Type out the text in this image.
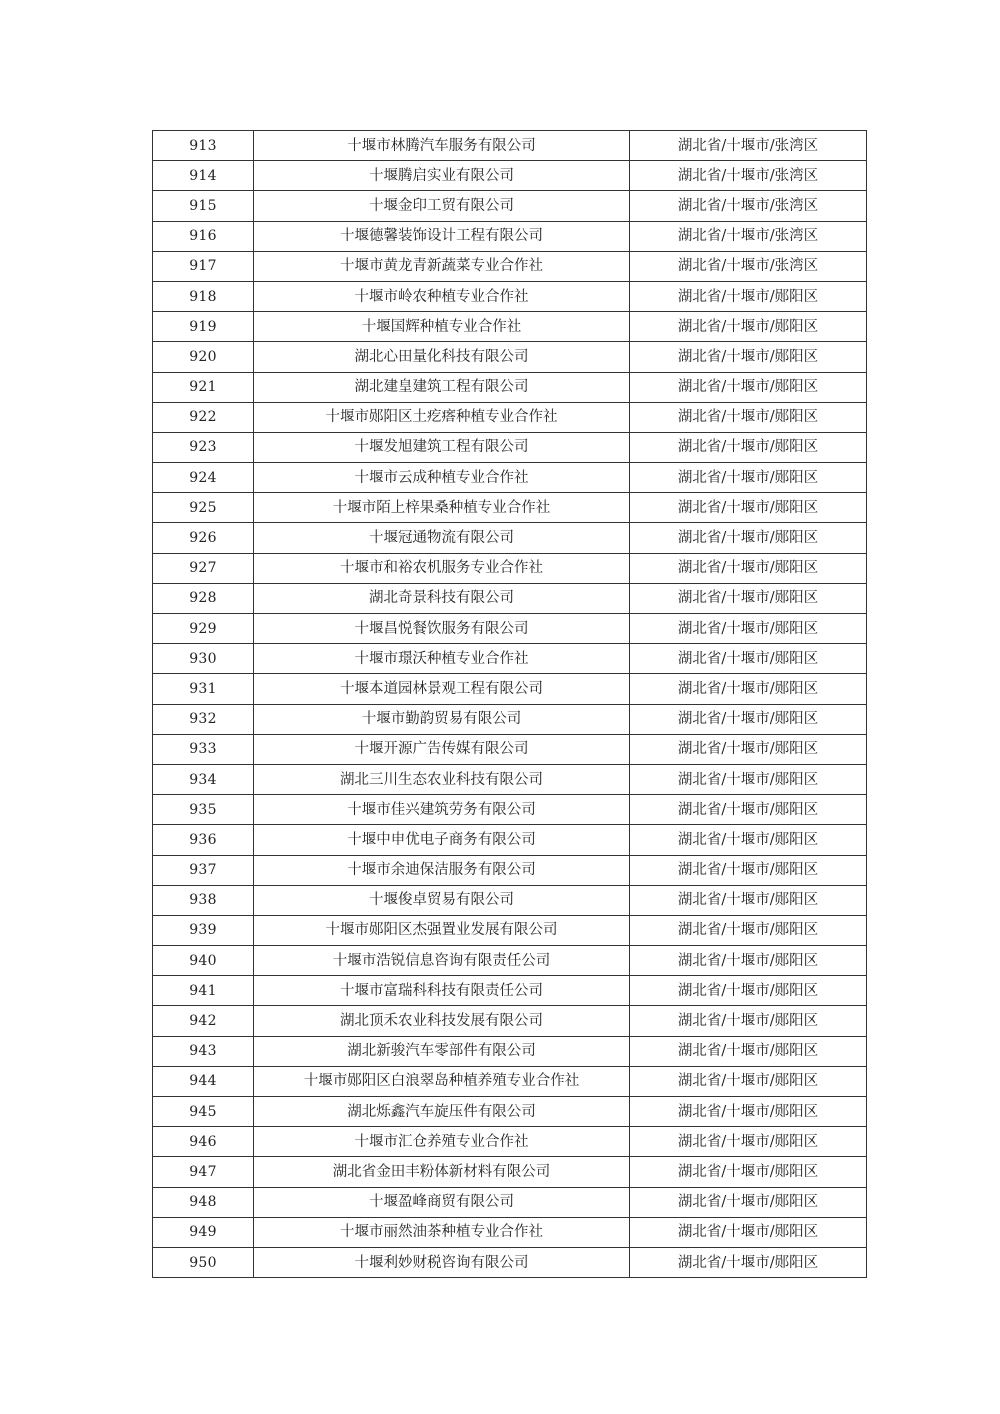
913	十堰市林腾汽车服务有限公司	湖北省/十堰市/张湾区
914	十堰腾启实业有限公司	湖北省/十堰市/张湾区
915	十堰金印工贸有限公司	湖北省/十堰市/张湾区
916	十堰德馨装饰设计工程有限公司	湖北省/十堰市/张湾区
917	十堰市黄龙青新蔬菜专业合作社	湖北省/十堰市/张湾区
918	十堰市岭农种植专业合作社	湖北省/十堰市/郧阳区
919	十堰国辉种植专业合作社	湖北省/十堰市/郧阳区
920	湖北心田量化科技有限公司	湖北省/十堰市/郧阳区
921	湖北建皇建筑工程有限公司	湖北省/十堰市/郧阳区
922	十堰市郧阳区土疙瘩种植专业合作社	湖北省/十堰市/郧阳区
923	十堰发旭建筑工程有限公司	湖北省/十堰市/郧阳区
924	十堰市云成种植专业合作社	湖北省/十堰市/郧阳区
925	十堰市陌上梓果桑种植专业合作社	湖北省/十堰市/郧阳区
926	十堰冠通物流有限公司	湖北省/十堰市/郧阳区
927	十堰市和裕农机服务专业合作社	湖北省/十堰市/郧阳区
928	湖北奇景科技有限公司	湖北省/十堰市/郧阳区
929	十堰昌悦餐饮服务有限公司	湖北省/十堰市/郧阳区
930	十堰市璟沃种植专业合作社	湖北省/十堰市/郧阳区
931	十堰本道园林景观工程有限公司	湖北省/十堰市/郧阳区
932	十堰市勤韵贸易有限公司	湖北省/十堰市/郧阳区
933	十堰开源广告传媒有限公司	湖北省/十堰市/郧阳区
934	湖北三川生态农业科技有限公司	湖北省/十堰市/郧阳区
935	十堰市佳兴建筑劳务有限公司	湖北省/十堰市/郧阳区
936	十堰中申优电子商务有限公司	湖北省/十堰市/郧阳区
937	十堰市余迪保洁服务有限公司	湖北省/十堰市/郧阳区
938	十堰俊卓贸易有限公司	湖北省/十堰市/郧阳区
939	十堰市郧阳区杰强置业发展有限公司	湖北省/十堰市/郧阳区
940	十堰市浩锐信息咨询有限责任公司	湖北省/十堰市/郧阳区
941	十堰市富瑞科科技有限责任公司	湖北省/十堰市/郧阳区
942	湖北顶禾农业科技发展有限公司	湖北省/十堰市/郧阳区
943	湖北新骏汽车零部件有限公司	湖北省/十堰市/郧阳区
944	十堰市郧阳区白浪翠岛种植养殖专业合作社	湖北省/十堰市/郧阳区
945	湖北烁鑫汽车旋压件有限公司	湖北省/十堰市/郧阳区
946	十堰市汇仓养殖专业合作社	湖北省/十堰市/郧阳区
947	湖北省金田丰粉体新材料有限公司	湖北省/十堰市/郧阳区
948	十堰盈峰商贸有限公司	湖北省/十堰市/郧阳区
949	十堰市丽然油茶种植专业合作社	湖北省/十堰市/郧阳区
950	十堰利妙财税咨询有限公司	湖北省/十堰市/郧阳区
